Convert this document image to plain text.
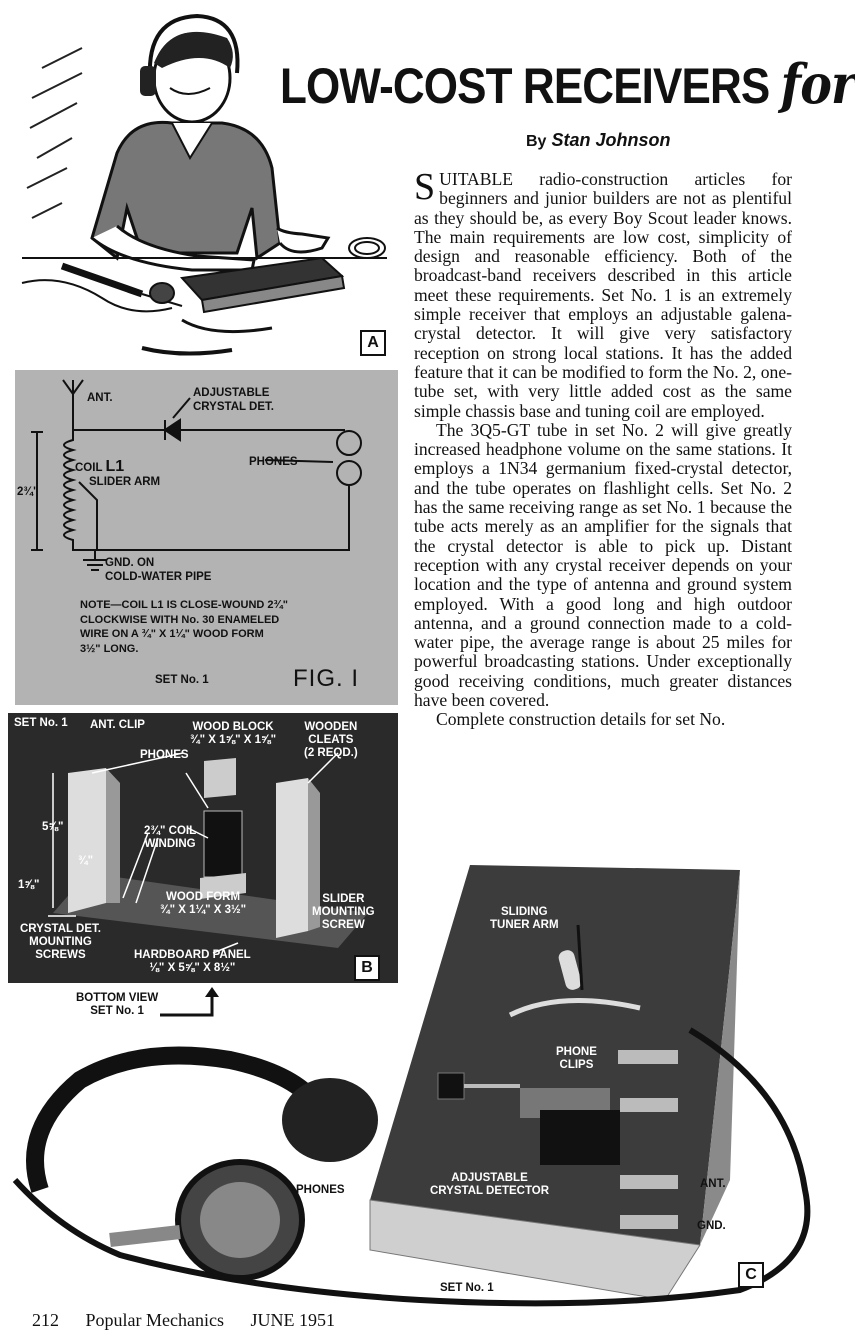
LOW-COST RECEIVERS for
By Stan Johnson
A

SUITABLE radio-construction articles for beginners and junior builders are not as plentiful as they should be, as every Boy Scout leader knows. The main requirements are low cost, simplicity of design and reasonable efficiency. Both of the broadcast-band receivers described in this article meet these requirements. Set No. 1 is an extremely simple receiver that employs an adjustable galena-crystal detector. It will give very satisfactory reception on strong local stations. It has the added feature that it can be modified to form the No. 2, one-tube set, with very little added cost as the same simple chassis base and tuning coil are employed.

The 3Q5-GT tube in set No. 2 will give greatly increased headphone volume on the same stations. It employs a 1N34 germanium fixed-crystal detector, and the tube operates on flashlight cells. Set No. 2 has the same receiving range as set No. 1 because the tube acts merely as an amplifier for the signals that the crystal detector is able to pick up. Distant reception with any crystal receiver depends on your location and the type of antenna and ground system employed. With a good long and high outdoor antenna, and a ground connection made to a cold-water pipe, the average range is about 25 miles for powerful broadcasting stations. Under exceptionally good receiving conditions, much greater distances have been covered.

Complete construction details for set No.

ANT.	ADJUSTABLE
CRYSTAL DET.
COIL L1	PHONES
2¾"
SLIDER ARM
GND. ON
COLD-WATER PIPE
NOTE—COIL L1 IS CLOSE-WOUND 2¾"
CLOCKWISE WITH No. 30 ENAMELED
WIRE ON A ¾" X 1¼" WOOD FORM
3½" LONG.
SET No. 1	FIG. I
SET No. 1 ANT. CLIP	WOOD BLOCK
¾" X 1⅝" X 1⅝"
WOODEN
CLEATS
(2 REQD.)
PHONES
5⅝"	2¾" COIL
WINDING
¾"
1⅝"
WOOD FORM
¾" X 1¼" X 3½"
SLIDER
MOUNTING
SCREW
CRYSTAL DET.
MOUNTING
SCREWS	HARDBOARD PANEL
⅛" X 5⅝" X 8½"	B
BOTTOM VIEW
SET No. 1
SLIDING
TUNER ARM
PHONE
CLIPS
PHONES
ADJUSTABLE
CRYSTAL DETECTOR
ANT.
GND.
SET No. 1
C
212 Popular Mechanics JUNE 1951
